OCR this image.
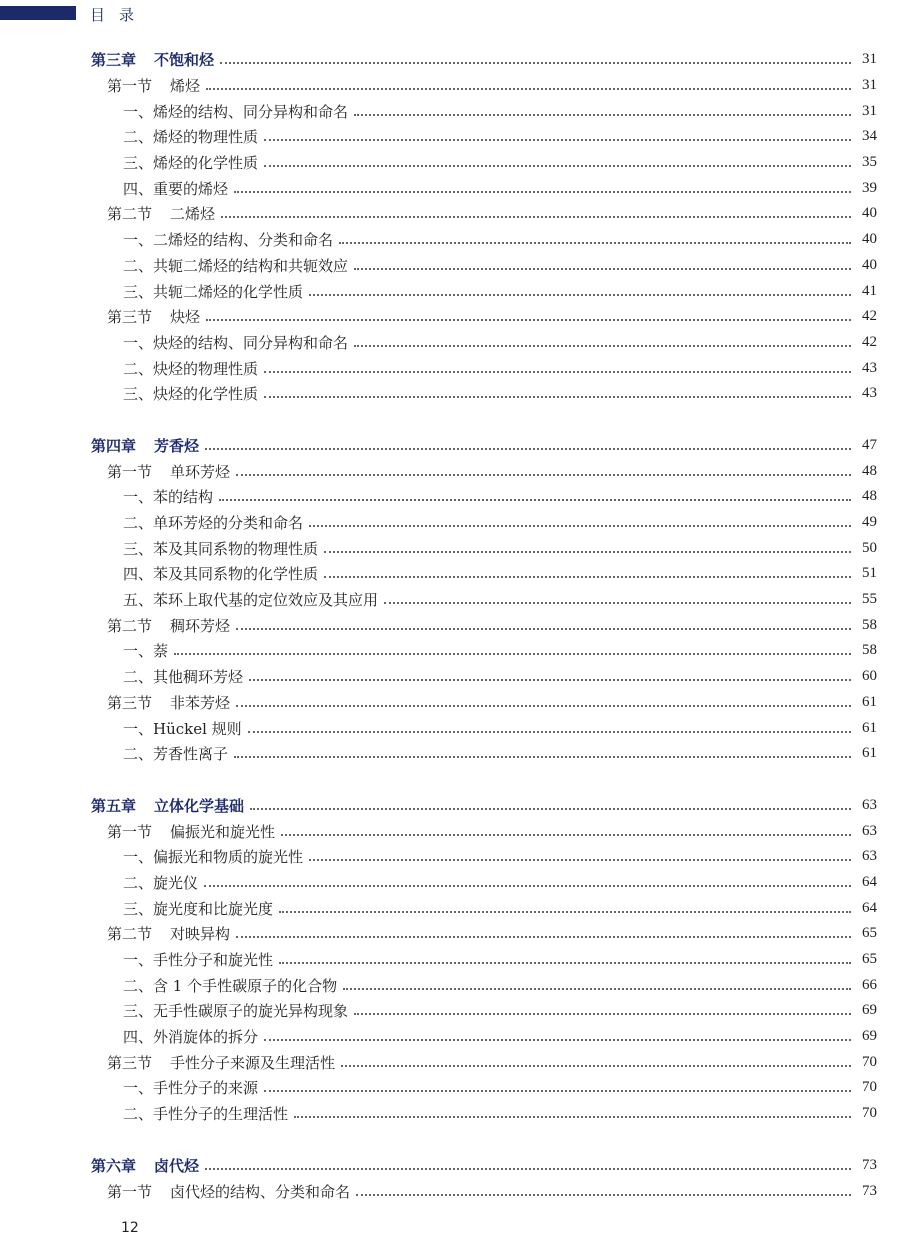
目录
第三章 不饱和烃	31
第一节 烯烃	31
一、烯烃的结构、同分异构和命名	31
二、烯烃的物理性质	34
三、烯烃的化学性质	35
四、重要的烯烃	39
第二节 二烯烃	40
一、二烯烃的结构、分类和命名	40
二、共轭二烯烃的结构和共轭效应	40
三、共轭二烯烃的化学性质	41
第三节 炔烃	42
一、炔烃的结构、同分异构和命名	42
二、炔烃的物理性质	43
三、炔烃的化学性质	43
第四章 芳香烃	47
第一节 单环芳烃	48
一、苯的结构	48
二、单环芳烃的分类和命名	49
三、苯及其同系物的物理性质	50
四、苯及其同系物的化学性质	51
五、苯环上取代基的定位效应及其应用	55
第二节 稠环芳烃	58
一、萘	58
二、其他稠环芳烃	60
第三节 非苯芳烃	61
一、Hückel 规则	61
二、芳香性离子	61
第五章 立体化学基础	63
第一节 偏振光和旋光性	63
一、偏振光和物质的旋光性	63
二、旋光仪	64
三、旋光度和比旋光度	64
第二节 对映异构	65
一、手性分子和旋光性	65
二、含 1 个手性碳原子的化合物	66
三、无手性碳原子的旋光异构现象	69
四、外消旋体的拆分	69
第三节 手性分子来源及生理活性	70
一、手性分子的来源	70
二、手性分子的生理活性	70
第六章 卤代烃	73
第一节 卤代烃的结构、分类和命名	73
12
